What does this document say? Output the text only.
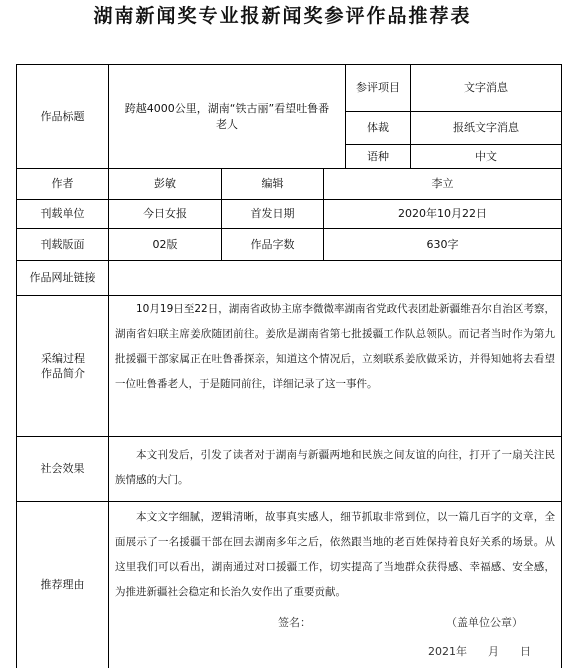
湖南新闻奖专业报新闻奖参评作品推荐表
作品标题
跨越4000公里，湖南“铁古丽”看望吐鲁番老人
参评项目	文字消息
体裁	报纸文字消息
语种	中文
作者	彭敏	编辑	李立
刊载单位	今日女报	首发日期	2020年10月22日
刊载版面	02版	作品字数	630字
作品网址链接
采编过程作品简介
10月19日至22日，湖南省政协主席李微微率湖南省党政代表团赴新疆维吾尔自治区考察，湖南省妇联主席姜欣随团前往。姜欣是湖南省第七批援疆工作队总领队。而记者当时作为第九批援疆干部家属正在吐鲁番探亲，知道这个情况后，立刻联系姜欣做采访，并得知她将去看望一位吐鲁番老人，于是随同前往，详细记录了这一事件。
社会效果
本文刊发后，引发了读者对于湖南与新疆两地和民族之间友谊的向往，打开了一扇关注民族情感的大门。
推荐理由
本文文字细腻，逻辑清晰，故事真实感人，细节抓取非常到位，以一篇几百字的文章，全面展示了一名援疆干部在回去湖南多年之后，依然跟当地的老百姓保持着良好关系的场景。从这里我们可以看出，湖南通过对口援疆工作，切实提高了当地群众获得感、幸福感、安全感，为推进新疆社会稳定和长治久安作出了重要贡献。
签名：	（盖单位公章）
2021年 月 日
